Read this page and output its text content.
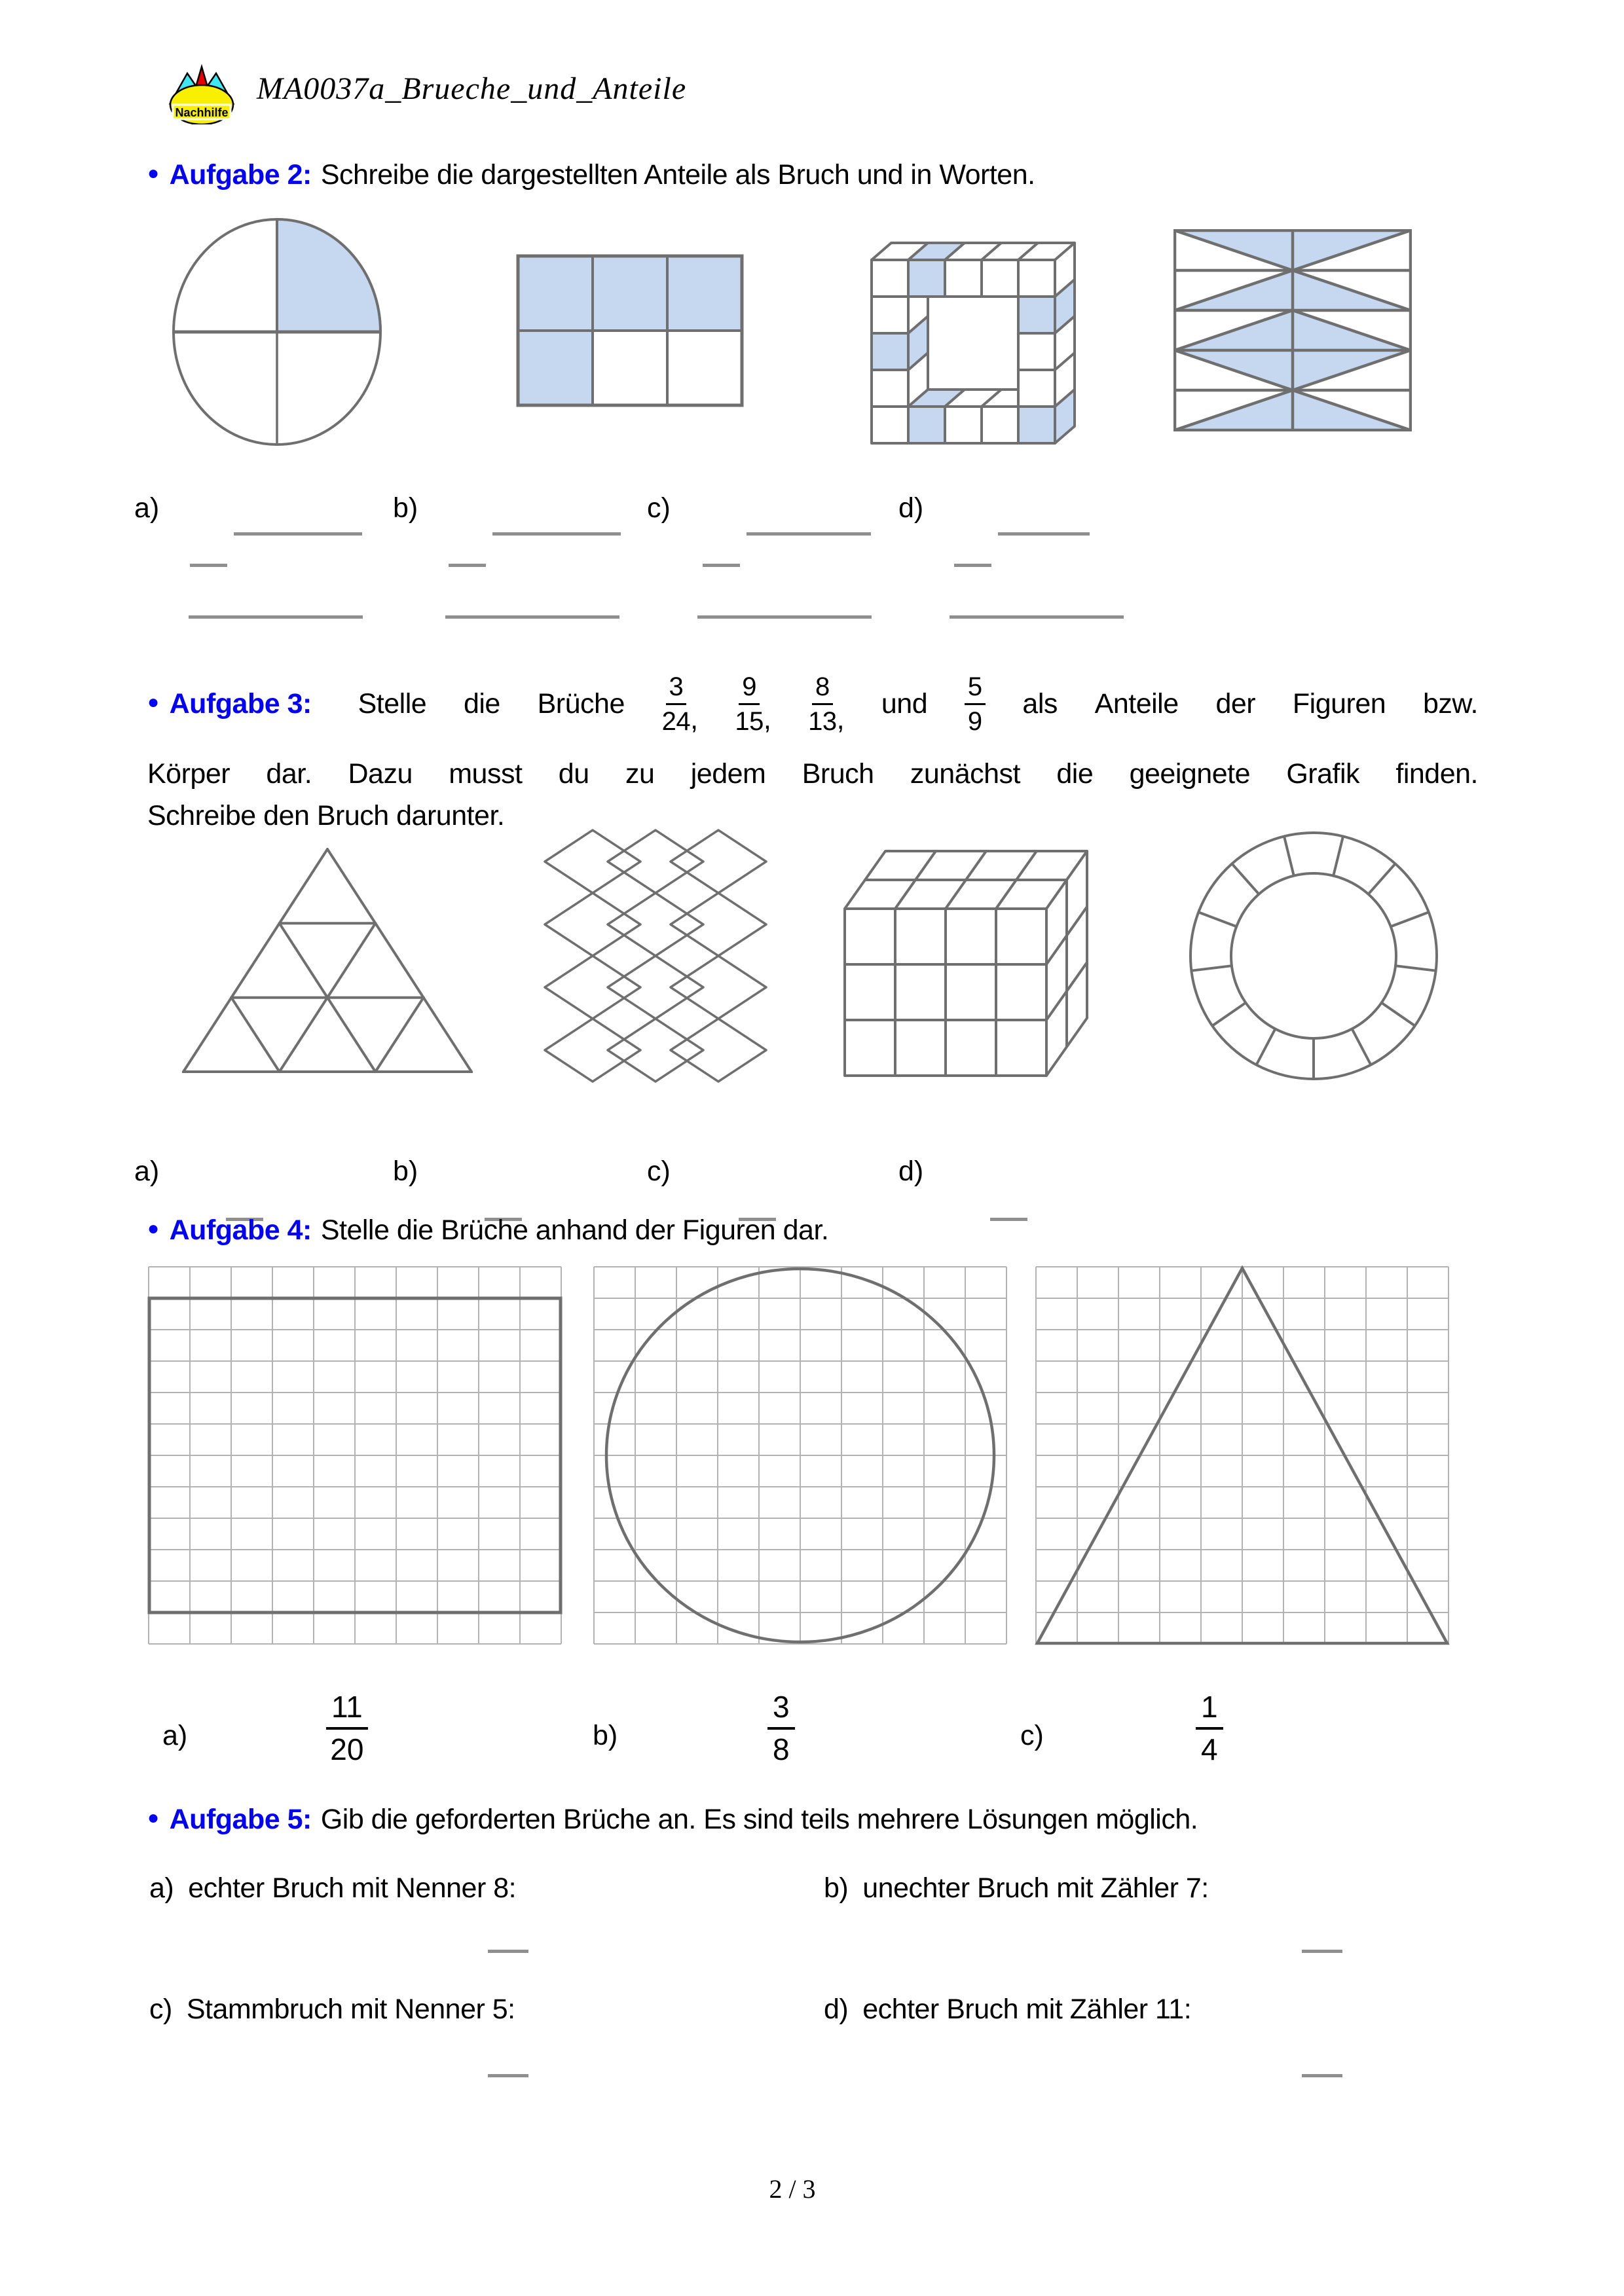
Nachhilfe
MA0037a_Brueche_und_Anteile
● Aufgabe 2: Schreibe die dargestellten Anteile als Bruch und in Worten.
a)	b)	c)	d)
● Aufgabe 3:	Stelle die Brüche $\frac{3}{24}$ , $\frac{9}{15}$ , $\frac{8}{13}$ , und $\frac{5}{9}$ als Anteile der Figuren bzw.
Körper dar. Dazu musst du zu jedem Bruch zunächst die geeignete Grafik finden.
Schreibe den Bruch darunter.
a)	b)	c)	d)
● Aufgabe 4: Stelle die Brüche anhand der Figuren dar.
a)	$\frac{11}{20}$	b)	$\frac{3}{8}$	c)	$\frac{1}{4}$
● Aufgabe 5: Gib die geforderten Brüche an. Es sind teils mehrere Lösungen möglich.
a) echter Bruch mit Nenner 8:	b) unechter Bruch mit Zähler 7:
c) Stammbruch mit Nenner 5:	d) echter Bruch mit Zähler 11:
2 / 3
